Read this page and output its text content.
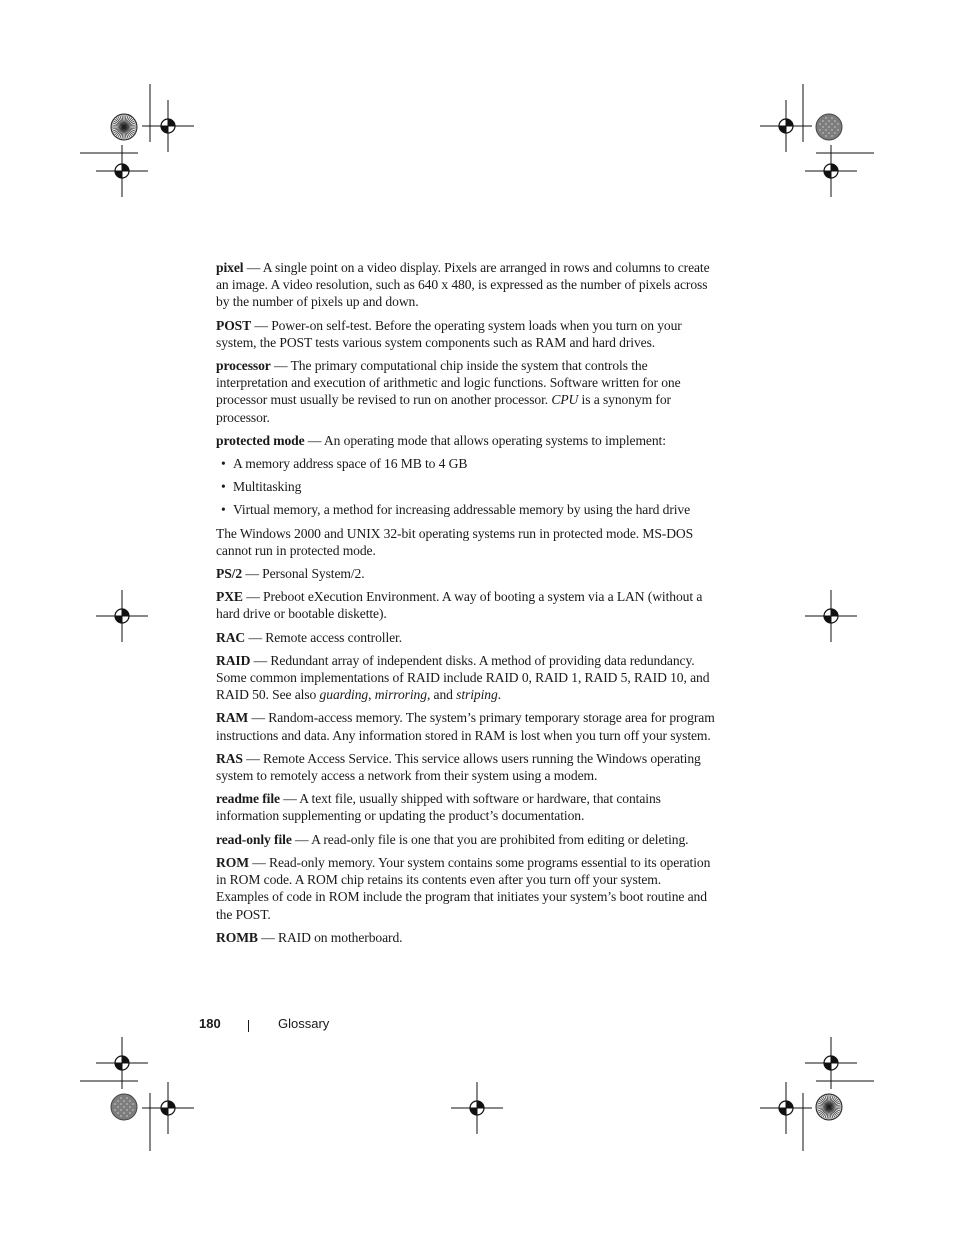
pixel — A single point on a video display. Pixels are arranged in rows and columns to create an image. A video resolution, such as 640 x 480, is expressed as the number of pixels across by the number of pixels up and down.

POST — Power-on self-test. Before the operating system loads when you turn on your system, the POST tests various system components such as RAM and hard drives.

processor — The primary computational chip inside the system that controls the interpretation and execution of arithmetic and logic functions. Software written for one processor must usually be revised to run on another processor. CPU is a synonym for processor.

protected mode — An operating mode that allows operating systems to implement:

• A memory address space of 16 MB to 4 GB
• Multitasking
• Virtual memory, a method for increasing addressable memory by using the hard drive

The Windows 2000 and UNIX 32-bit operating systems run in protected mode. MS-DOS cannot run in protected mode.

PS/2 — Personal System/2.

PXE — Preboot eXecution Environment. A way of booting a system via a LAN (without a hard drive or bootable diskette).

RAC — Remote access controller.

RAID — Redundant array of independent disks. A method of providing data redundancy. Some common implementations of RAID include RAID 0, RAID 1, RAID 5, RAID 10, and RAID 50. See also guarding, mirroring, and striping.

RAM — Random-access memory. The system’s primary temporary storage area for program instructions and data. Any information stored in RAM is lost when you turn off your system.

RAS — Remote Access Service. This service allows users running the Windows operating system to remotely access a network from their system using a modem.

readme file — A text file, usually shipped with software or hardware, that contains information supplementing or updating the product’s documentation.

read-only file — A read-only file is one that you are prohibited from editing or deleting.

ROM — Read-only memory. Your system contains some programs essential to its operation in ROM code. A ROM chip retains its contents even after you turn off your system. Examples of code in ROM include the program that initiates your system’s boot routine and the POST.

ROMB — RAID on motherboard.

180	Glossary
